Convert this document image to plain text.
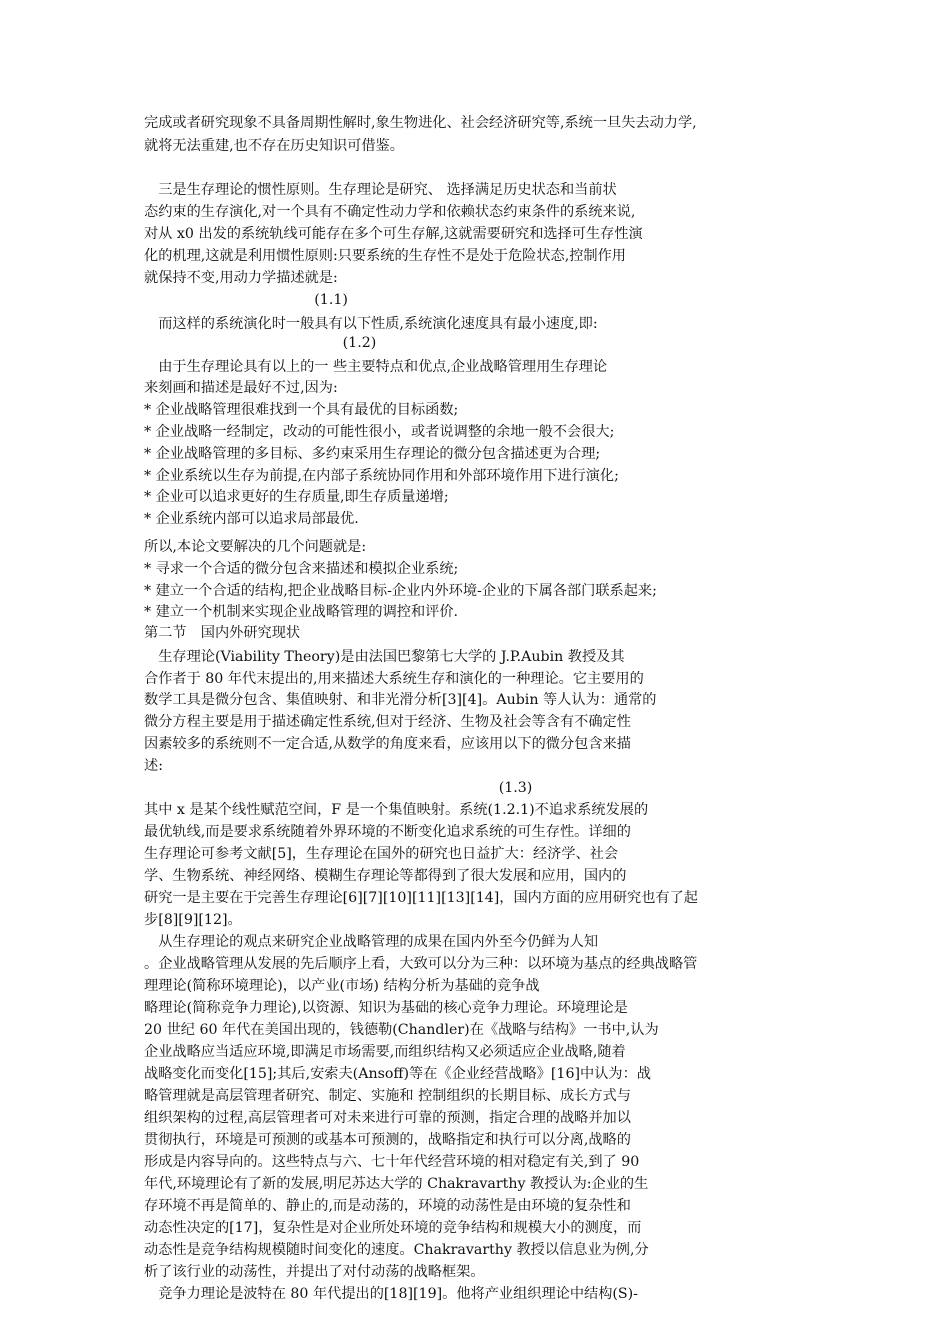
完成或者研究现象不具备周期性解时,象生物进化、社会经济研究等,系统一旦失去动力学,
就将无法重建,也不存在历史知识可借鉴。
　三是生存理论的惯性原则。生存理论是研究、 选择满足历史状态和当前状
态约束的生存演化,对一个具有不确定性动力学和依赖状态约束条件的系统来说,
对从 x0 出发的系统轨线可能存在多个可生存解,这就需要研究和选择可生存性演
化的机理,这就是利用惯性原则:只要系统的生存性不是处于危险状态,控制作用
就保持不变,用动力学描述就是:
　　　　　　　　　　　　(1.1)
　而这样的系统演化时一般具有以下性质,系统演化速度具有最小速度,即:
　　　　　　　　　　　　　　(1.2)
　由于生存理论具有以上的一 些主要特点和优点,企业战略管理用生存理论
来刻画和描述是最好不过,因为:
* 企业战略管理很难找到一个具有最优的目标函数;
* 企业战略一经制定，改动的可能性很小，或者说调整的余地一般不会很大;
* 企业战略管理的多目标、多约束采用生存理论的微分包含描述更为合理;
* 企业系统以生存为前提,在内部子系统协同作用和外部环境作用下进行演化;
* 企业可以追求更好的生存质量,即生存质量递增;
* 企业系统内部可以追求局部最优.
所以,本论文要解决的几个问题就是:
* 寻求一个合适的微分包含来描述和模拟企业系统;
* 建立一个合适的结构,把企业战略目标-企业内外环境-企业的下属各部门联系起来;
* 建立一个机制来实现企业战略管理的调控和评价.
第二节　国内外研究现状
　生存理论(Viability Theory)是由法国巴黎第七大学的 J.P.Aubin 教授及其
合作者于 80 年代末提出的,用来描述大系统生存和演化的一种理论。它主要用的
数学工具是微分包含、集值映射、和非光滑分析[3][4]。Aubin 等人认为：通常的
微分方程主要是用于描述确定性系统,但对于经济、生物及社会等含有不确定性
因素较多的系统则不一定合适,从数学的角度来看，应该用以下的微分包含来描
述:
　　　　　　　　　　　　　　　　　　　　　　　　　(1.3)
其中 x 是某个线性赋范空间，F 是一个集值映射。系统(1.2.1)不追求系统发展的
最优轨线,而是要求系统随着外界环境的不断变化追求系统的可生存性。详细的
生存理论可参考文献[5]，生存理论在国外的研究也日益扩大：经济学、社会
学、生物系统、神经网络、模糊生存理论等都得到了很大发展和应用，国内的
研究一是主要在于完善生存理论[6][7][10][11][13][14]，国内方面的应用研究也有了起
步[8][9][12]。
　从生存理论的观点来研究企业战略管理的成果在国内外至今仍鲜为人知
。企业战略管理从发展的先后顺序上看，大致可以分为三种：以环境为基点的经典战略管
理理论(简称环境理论)，以产业(市场) 结构分析为基础的竞争战
略理论(简称竞争力理论),以资源、知识为基础的核心竞争力理论。环境理论是
20 世纪 60 年代在美国出现的，钱德勒(Chandler)在《战略与结构》一书中,认为
企业战略应当适应环境,即满足市场需要,而组织结构又必须适应企业战略,随着
战略变化而变化[15];其后,安索夫(Ansoff)等在《企业经营战略》[16]中认为：战
略管理就是高层管理者研究、制定、实施和 控制组织的长期目标、成长方式与
组织架构的过程,高层管理者可对未来进行可靠的预测，指定合理的战略并加以
贯彻执行，环境是可预测的或基本可预测的，战略指定和执行可以分离,战略的
形成是内容导向的。这些特点与六、七十年代经营环境的相对稳定有关,到了 90
年代,环境理论有了新的发展,明尼苏达大学的 Chakravarthy 教授认为:企业的生
存环境不再是简单的、静止的,而是动荡的，环境的动荡性是由环境的复杂性和
动态性决定的[17]，复杂性是对企业所处环境的竞争结构和规模大小的测度，而
动态性是竞争结构规模随时间变化的速度。Chakravarthy 教授以信息业为例,分
析了该行业的动荡性，并提出了对付动荡的战略框架。
　竞争力理论是波特在 80 年代提出的[18][19]。他将产业组织理论中结构(S)-
